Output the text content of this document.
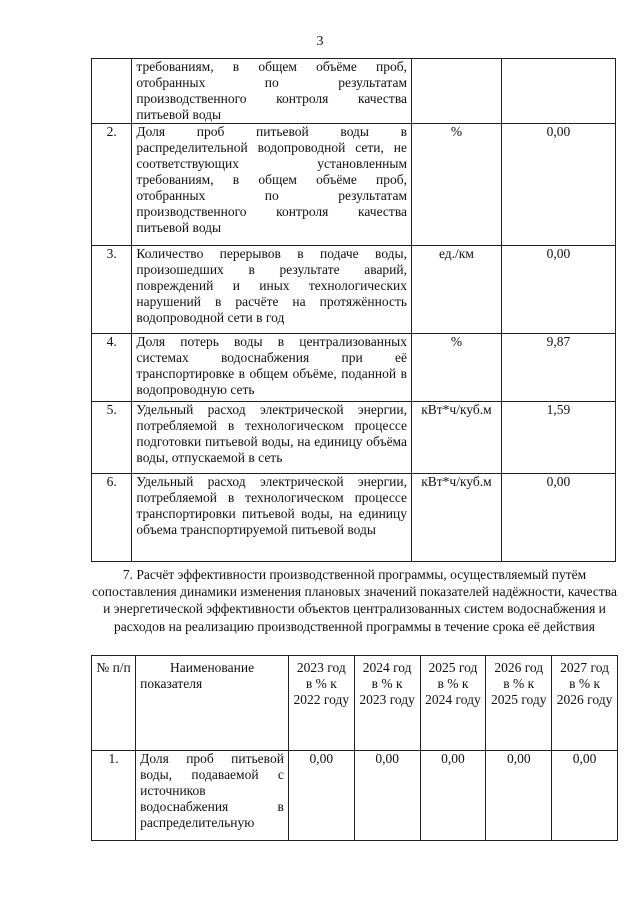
3
	требованиям, в общем объёме проб, отобранных по результатам производственного контроля качества питьевой воды		
2.	Доля проб питьевой воды в распределительной водопроводной сети, не соответствующих установленным требованиям, в общем объёме проб, отобранных по результатам производственного контроля качества питьевой воды	%	0,00
3.	Количество перерывов в подаче воды, произошедших в результате аварий, повреждений и иных технологических нарушений в расчёте на протяжённость водопроводной сети в год	ед./км	0,00
4.	Доля потерь воды в централизованных системах водоснабжения при её транспортировке в общем объёме, поданной в водопроводную сеть	%	9,87
5.	Удельный расход электрической энергии, потребляемой в технологическом процессе подготовки питьевой воды, на единицу объёма воды, отпускаемой в сеть	кВт*ч/куб.м	1,59
6.	Удельный расход электрической энергии, потребляемой в технологическом процессе транспортировки питьевой воды, на единицу объема транспортируемой питьевой воды	кВт*ч/куб.м	0,00
7. Расчёт эффективности производственной программы, осуществляемый путём сопоставления динамики изменения плановых значений показателей надёжности, качества и энергетической эффективности объектов централизованных систем водоснабжения и расходов на реализацию производственной программы в течение срока её действия
№ п/п	Наименование показателя	2023 год в % к 2022 году	2024 год в % к 2023 году	2025 год в % к 2024 году	2026 год в % к 2025 году	2027 год в % к 2026 году
1.	Доля проб питьевой воды, подаваемой с источников водоснабжения в распределительную	0,00	0,00	0,00	0,00	0,00
